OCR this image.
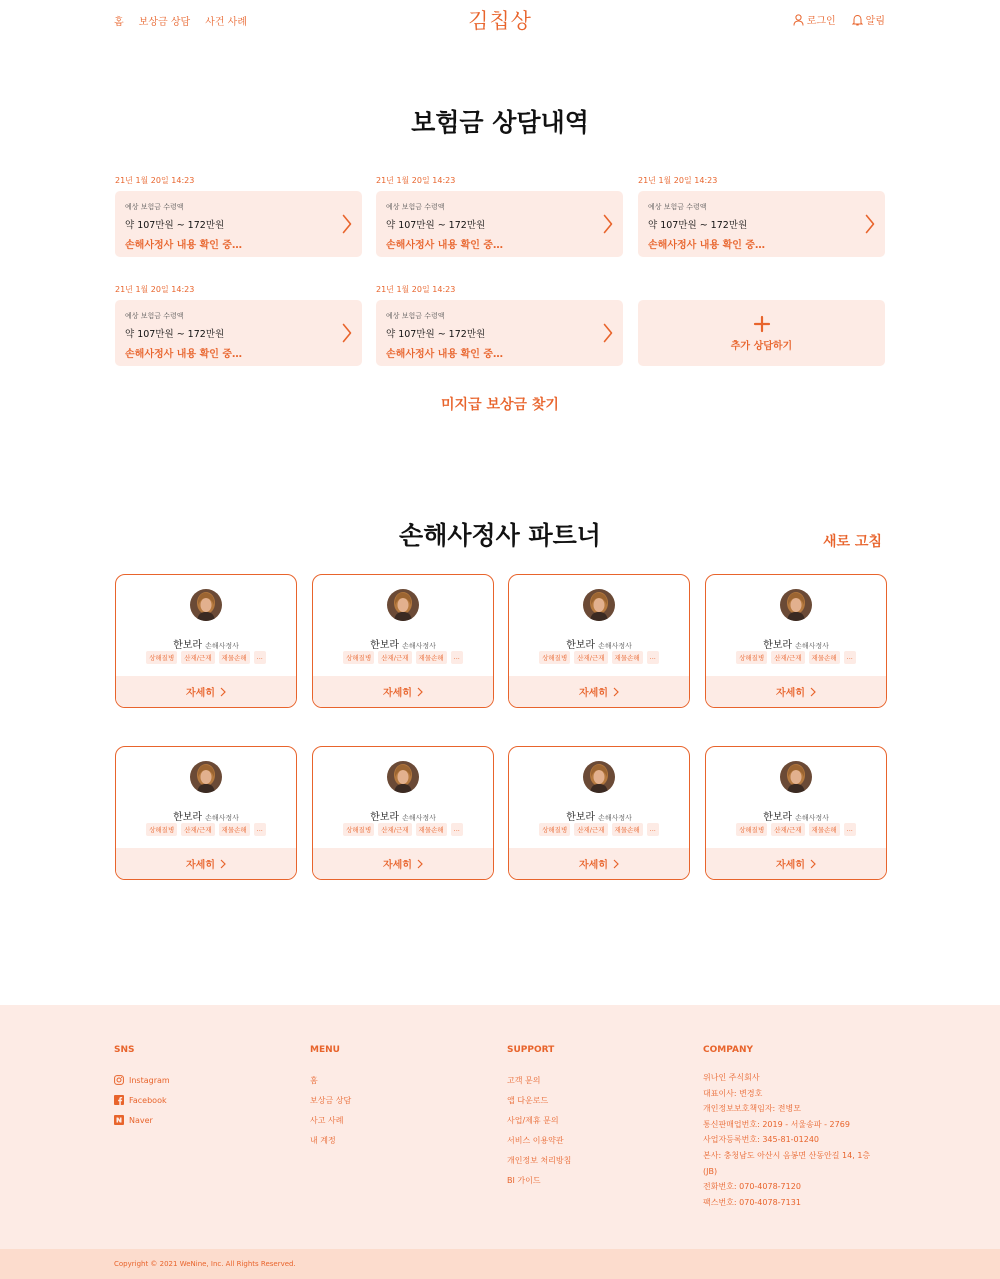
홈 보상금 상담 사건 사례	김칩상	로그인	알림
보험금 상담내역
21년 1월 20일 14:23
예상 보험금 수령액
약 107만원 ~ 172만원
손해사정사 내용 확인 중…
21년 1월 20일 14:23
예상 보험금 수령액
약 107만원 ~ 172만원
손해사정사 내용 확인 중…
21년 1월 20일 14:23
예상 보험금 수령액
약 107만원 ~ 172만원
손해사정사 내용 확인 중…
21년 1월 20일 14:23
예상 보험금 수령액
약 107만원 ~ 172만원
손해사정사 내용 확인 중…
21년 1월 20일 14:23
예상 보험금 수령액
약 107만원 ~ 172만원
손해사정사 내용 확인 중…
추가 상담하기
미지급 보상금 찾기
손해사정사 파트너	새로 고침
한보라 손해사정사
상해질병	산재/근재	재물손해	...
자세히
한보라 손해사정사
상해질병	산재/근재	재물손해	...
자세히
한보라 손해사정사
상해질병	산재/근재	재물손해	...
자세히
한보라 손해사정사
상해질병	산재/근재	재물손해	...
자세히
한보라 손해사정사
상해질병	산재/근재	재물손해	...
자세히
한보라 손해사정사
상해질병	산재/근재	재물손해	...
자세히
한보라 손해사정사
상해질병	산재/근재	재물손해	...
자세히
한보라 손해사정사
상해질병	산재/근재	재물손해	...
자세히
SNS
Instagram
Facebook
Naver
MENU
홈
보상금 상담
사고 사례
내 계정
SUPPORT
고객 문의
앱 다운로드
사업/제휴 문의
서비스 이용약관
개인정보 처리방침
BI 가이드
COMPANY
위나인 주식회사
대표이사: 변경호
개인정보보호책임자: 전병모
통신판매업번호: 2019 - 서울송파 - 2769
사업자등록번호: 345-81-01240
본사: 충청남도 아산시 음봉면 산동안길 14, 1층 (JB)
전화번호: 070-4078-7120
팩스번호: 070-4078-7131
Copyright © 2021 WeNine, Inc. All Rights Reserved.
